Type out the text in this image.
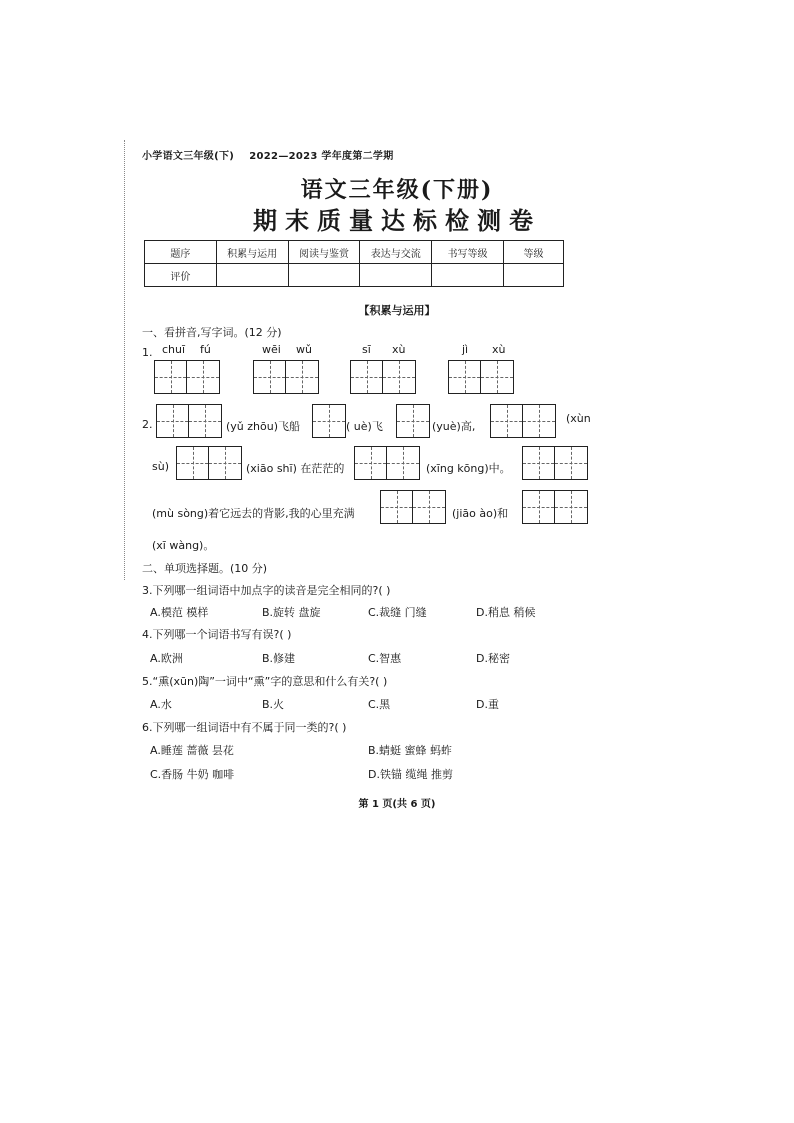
小学语文三年级(下) 2022—2023 学年度第二学期
语文三年级(下册)
期末质量达标检测卷
题序	积累与运用	阅读与鉴赏	表达与交流	书写等级	等级
评价					
【积累与运用】
一、看拼音,写字词。(12 分)
1. chuī fú	wēi wǔ	sī xù	jì xù
2.	(yǔ zhōu)飞船	( uè)飞	(yuè)高,
(xùn
sù)	(xiāo shī) 在茫茫的	(xīng kōng)中。
(mù sòng)着它远去的背影,我的心里充满	(jiāo ào)和
(xī wàng)。
二、单项选择题。(10 分)
3.下列哪一组词语中加点字的读音是完全相同的?( )
A.模范 模样	B.旋转 盘旋	C.裁缝 门缝	D.稍息 稍候
4.下列哪一个词语书写有误?( )
A.欧洲	B.修建	C.智惠	D.秘密
5.“熏(xūn)陶”一词中“熏”字的意思和什么有关?( )
A.水	B.火	C.黑	D.重
6.下列哪一组词语中有不属于同一类的?( )
A.睡莲 蔷薇 昙花	B.蜻蜓 蜜蜂 蚂蚱
C.香肠 牛奶 咖啡	D.铁锚 缆绳 推剪
第 1 页(共 6 页)
